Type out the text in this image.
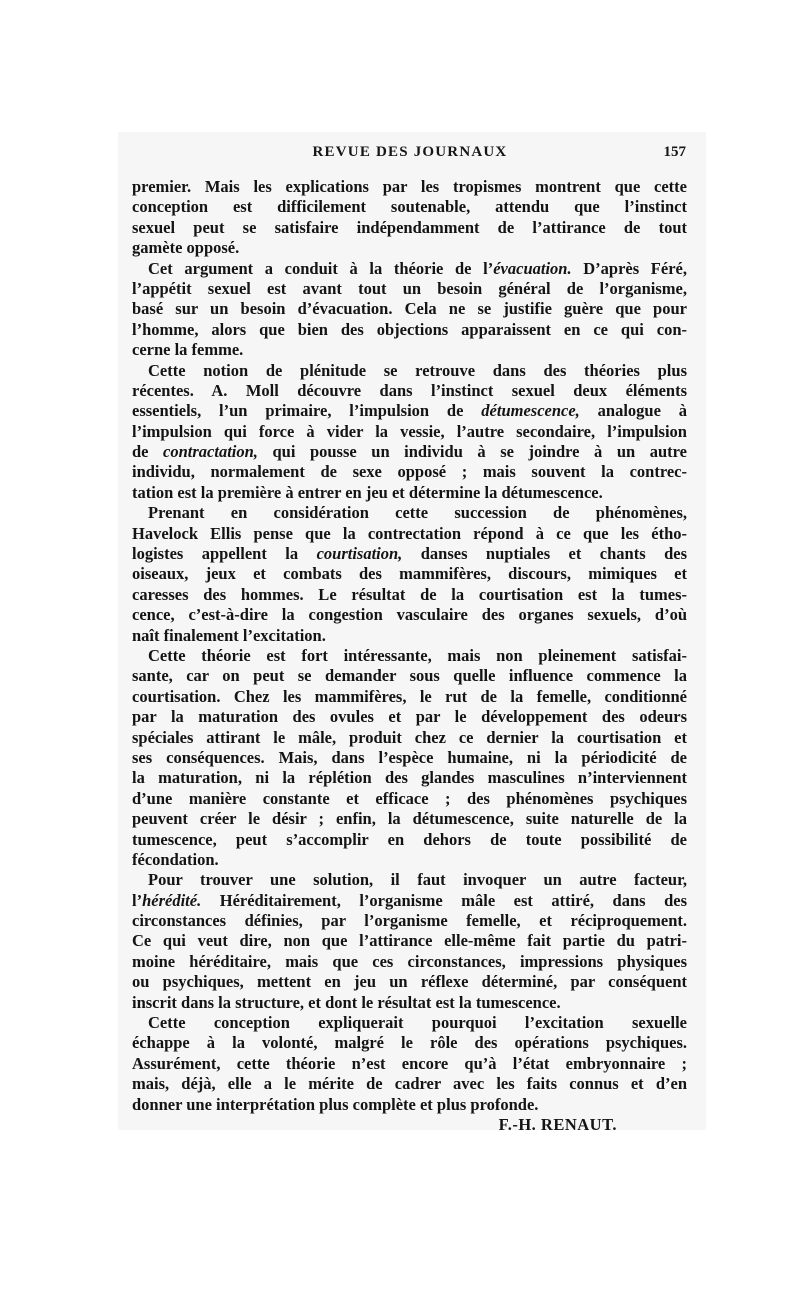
REVUE DES JOURNAUX	157
premier. Mais les explications par les tropismes montrent que cette
conception est difficilement soutenable, attendu que l’instinct
sexuel peut se satisfaire indépendamment de l’attirance de tout
gamète opposé.
Cet argument a conduit à la théorie de l’évacuation. D’après Féré,
l’appétit sexuel est avant tout un besoin général de l’organisme,
basé sur un besoin d’évacuation. Cela ne se justifie guère que pour
l’homme, alors que bien des objections apparaissent en ce qui con-
cerne la femme.
Cette notion de plénitude se retrouve dans des théories plus
récentes. A. Moll découvre dans l’instinct sexuel deux éléments
essentiels, l’un primaire, l’impulsion de détumescence, analogue à
l’impulsion qui force à vider la vessie, l’autre secondaire, l’impulsion
de contractation, qui pousse un individu à se joindre à un autre
individu, normalement de sexe opposé ; mais souvent la contrec-
tation est la première à entrer en jeu et détermine la détumescence.
Prenant en considération cette succession de phénomènes,
Havelock Ellis pense que la contrectation répond à ce que les étho-
logistes appellent la courtisation, danses nuptiales et chants des
oiseaux, jeux et combats des mammifères, discours, mimiques et
caresses des hommes. Le résultat de la courtisation est la tumes-
cence, c’est-à-dire la congestion vasculaire des organes sexuels, d’où
naît finalement l’excitation.
Cette théorie est fort intéressante, mais non pleinement satisfai-
sante, car on peut se demander sous quelle influence commence la
courtisation. Chez les mammifères, le rut de la femelle, conditionné
par la maturation des ovules et par le développement des odeurs
spéciales attirant le mâle, produit chez ce dernier la courtisation et
ses conséquences. Mais, dans l’espèce humaine, ni la périodicité de
la maturation, ni la réplétion des glandes masculines n’interviennent
d’une manière constante et efficace ; des phénomènes psychiques
peuvent créer le désir ; enfin, la détumescence, suite naturelle de la
tumescence, peut s’accomplir en dehors de toute possibilité de
fécondation.
Pour trouver une solution, il faut invoquer un autre facteur,
l’hérédité. Héréditairement, l’organisme mâle est attiré, dans des
circonstances définies, par l’organisme femelle, et réciproquement.
Ce qui veut dire, non que l’attirance elle-même fait partie du patri-
moine héréditaire, mais que ces circonstances, impressions physiques
ou psychiques, mettent en jeu un réflexe déterminé, par conséquent
inscrit dans la structure, et dont le résultat est la tumescence.
Cette conception expliquerait pourquoi l’excitation sexuelle
échappe à la volonté, malgré le rôle des opérations psychiques.
Assurément, cette théorie n’est encore qu’à l’état embryonnaire ;
mais, déjà, elle a le mérite de cadrer avec les faits connus et d’en
donner une interprétation plus complète et plus profonde.
F.-H. RENAUT.
